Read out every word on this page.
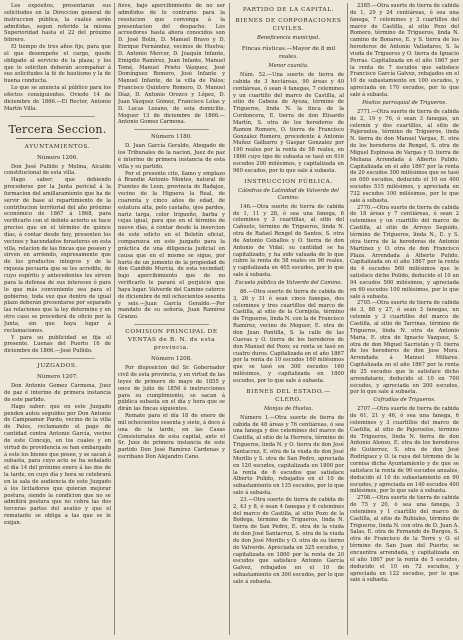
Los expósitos, presentarán sus solicitudes en la Direccion general de instruccion pública, la cuales serán admitidas, segun referido la misma Superioridad hasta el 22 del próximo febrero.

El tiempo de tres años fijo, para que el que desempeñe el cargo, quede obligado al servicio de la plaza; y los que lo soliciten deberán acompañar á sus solicitudes la fé de bautismo y la de buena conducta.

Lo que se anuncia al público para los efectos consiguientes. Oviedo 14 de diciembre de 1866.—El Rector, Antonio Martín Villa.

Tercera Seccion.
AYUNTAMIENTOS.
Número 1206.

Don José Pullido y Molina, Alcalde constitucional de esta villa.

Hago saber: que debiendo procederse por la Junta pericial á la formacion del amillaramiento que ha de servir de base al repartimiento de la contribucion territorial del año próximo económico de 1867 á 1868, para verificarlo con el debido acierto se hace preciso que en el término de quince días, á contar desde hoy, presenten los vecinos y hacendados forasteros en esta villa, relacion de las fincas que poseen y sirven en arriendo, expresamente que de los productos integros y de la riqueza pecuaria que se les acredite, de cuyo espíritu y antecedentes les sirven para la defensa de sus intereses ó para lo que más conveniente sea para el gobierno, toda vez que dentro de igual plazo deberán presentarse por separado las relaciones que la ley determine y en otro caso se procederá de oficio por la Junta, sin que haya lugar á reclamaciones.

Y para su publicidad se fija el presente. Luenas del Puerto 16 de diciembre de 1866.—José Pullido.

JUZGADOS.
Número 1207.

Don Antonio Gomez Carmona, Juez de paz é interino de primera instancia de este partido.

Hago saber: que en este Juzgado penden autos seguidos por Don Antonio de Campoamor Pardo, vecino de la villa de Palos, reclamando el pago de cantidad contra Antonio García, vecino de este Concejo, en los cuales y en virtud de providencia se han embargado á este los bienes que posee, y se sacan á subasta, para cuyo acto se ha señalado el día 14 del próximo enero á las dos de la tarde, en cuyo día y hora se celebrará en la sala de audiencia de este Juzgado á los licitadores que quieran mejorar postura, siendo la condicion que no se admitirá postura que no cubra las dos terceras partes del avalúo y que el rematante se obliga a las que se le exijan.

fieve, bajo apercibimiento de no ser admitidos de lo contrario para la resolucion que convenga á la presentacion del despacho. Los acreedores hasta ahora conocidos son D. José Bolín, D. Manuel Bravo y D. Enrique Fernández, vecinos de Huelva; D. Antonio Mercer, D. Joaquín Infante, Emigdio Ramírez, Juan Infante, Manuel Tomé, Manuel Prieto Vázquez, José Domínguez Romero, José Infante y Manuel Infante, de la villa de Palos; Francisco Quintero Romero, D. Manuel Díaz, D. Antonio Orozco y López, D. Juan Vázquez Gómez, Francisco Lolas y D. Lucas Lozano, de esta domicilio. Moguer 13 de diciembre de 1866.—Antonio Gomez Carmona.

Número 1180.

D. Juan García Geraldo, Abogado de los Tribunales de la nacion, Juez de paz é interino de primera instancia de esta villa y su partido.

Por el presente cito, llamo y emplazo á Brandie Antonio Montes, natural de Fuentes de Leon, provincia de Badajoz, vecino de la Higuera la Real, de cuarenta y cinco años de edad, de estatura alta, pelo castaño, ojos pardos, nariz larga, color trigueño, barba y cejas igual, para que en el término de nueve días, á contar desde la insercion de este edicto en el Boletín oficial, comparezca en este juzgado para la práctica de una diligencia judicial en causa que en el mismo se sigue, por hurto de un jumento de la propiedad de don Candido Murcia, de esta vecindad; bajo apercibimiento que de no verificarlo le parará el perjuicio que haya lugar. Valverde del Camino catorce de diciembre de mil ochocientos sesenta y seis.—Juan García Geraldo.—Por mandato de su señoría, Juan Ramírez Granzo.

COMISION PRINCIPAL DE VENTAS de B. N. de esta provincia.
Número 1208.

Por disposicion del Sr. Gobernador civil de esta provincia, y en virtud de las leyes de primero de mayo de 1855 y once de julio de 1856 é instrucciones para su cumplimiento, se sacan á pública subasta en el día y hora que se dirán las fincas siguientes.

Remate para el día 18 de enero de mil ochocientos sesenta y siete, á doce á una de la tarde, en las Casas Consistoriales de esta capital, ante el Sr. Juez de primera instancia de este partido Don José Ramírez Cardenas y escribano Don Alejandro Cano.

PARTIDO DE LA CAPITAL.
BIENES DE CORPORACIONES CIVILES.
Beneficencia municipal.
Fincas rústicas.—Mayor de 8 mil reales.
Menor cuantía.

Núm. 52.—Una suerte de tierra de cabida de 3 hectáreas, 90 áreas y 40 centiáreas, ó sean 4 fanegas, 7 celemines y un cuartillo del marco de Castilla, al sitio de Cabeza de Ayoza, término de Trigueros, linda N. la finca de la Cordoncera, E. tierra de don Elisardo Martín, S. otra de los herederos de Ramon Romero, O. tierra de Francisco Gonzalez Romero, procedente á Antonio Muñoz Galbarro y Gaspar Gonzalez por 190 reales por la renta de 58 reales, en 1866 cuyo tipo de subasta se tasó en 616 escudos 200 milésimos, y capitalizada en 960 escudos, por lo que sale á subasta.

INSTRUCCION PÚBLICA.
Cátedras de Latinidad de Valverde del Camino.

146.—Otra suerte de tierra de cabida de 1, 11 y 28, ó sea una fanega, 6 celemines y 3 cuartillas, al sitio del Cañuelo, término de Trigueros, linda N. otra de Rafael Rengel de Santos, S. otra de Antonio Ceballos y O. tierra de don Antonio de Vidal; su cantidad se ha capitalizado, y ha sido valuada de lo que cubre la renta de 58 reales en 96 reales, y capitalizada en 405 escudos, por lo que sale á subasta.

Escuela pública de Valverde del Camino.

86.—Otra suerte de tierra de cabida de 3, 26 y 31 ó sean cinco fanegas, dos celemines y tres cuartillos del marco de Castilla, al sitio de la Cornijola, término de Trigueros, linda N. con la de Francisco Ramírez, vecino de Moguer, E. otra de don Juan Pantilla, S. la calle de las Cuevas y O. tierra de los herederos de don Manuel del Pozo; su renta se tasó en cuatro duros. Capitalizada en el año 1867 por la renta de 10 escudos 160 milésimos que se tasó en 300 escudos 160 milésimos, y capitalizada en 1800 escudos, por lo que sale á subasta.

BIENES DEL ESTADO.—CLERO.
Monjas de Huelva.

Número 1.—Otra suerte de tierra de cabida de 48 áreas y 76 centiáreas, ó sea una fanega y dos celemines del marco de Castilla, al sitio de la Herrera, término de Trigueros, linda N. y O. tierra de don José Santacruz, E. otra de la viuda de don José Morillo y S. otra de San Pedro, apreciada en 120 escudos, capitalizada en 1800 por la renta de 6 escudos que satisface Alberto Pulido, rebajados en el 10 de subastamiento en 135 escudos, por lo que sale á subasta.

23.—Otra suerte de tierra de cabida de 2, 43 y 8, ó sean 4 fanegas y 6 celemines del marco de Castilla, al sitio Pozo de la Bodega, término de Trigueros, linda N. tierra de San Pedro, E. otra de la viuda de don José Santacruz, S. otra de la viuda de don José Morillo y O. otra de su tierno de Valverde. Apreciada en 325 escudos, y capitalizada en 1800 por la renta de 20 escudos que satisface Antonio García Galvez, rebajados en el 10 de subastamiento en 300 escudos, por lo que sale á subasta.

2385.—Otra suerte de tierra de cabida de 1, 29 y 24 centiáreas, ó sea una fanega, 7 celemines y 3 cuartillos del marco de Castilla, al sitio Pozo del Romero, término de Trigueros, linda N. camino de Bonares, E. y S. tierra de los herederos de Antonio Valladares, S. la viuda de Trigueros y O. tierra de Ignacio Porras. Capitalizada en el año 1867 por la renta de 7 escudos que satisface Francisco García Galvez, rebajados en el 10 de subastamiento en 100 escudos, y apreciada en 170 escudos, por lo que sale á subasta.

Pósitos parroquial de Trigueros.

2771.—Otra suerte de tierra de cabida de 2, 19 y 76, ó sean 3 fanegas, un celemín y dos cuartillos, al sitio de Pajeruelos, término de Trigueros, linda N. tierra de don Manuel Vargas, E. otra de los herederos de Rengel, S. otra de Miguel Espinosa de Vargas y O. tierra de Meliana Arrendada á Alberto Pulido. Capitalizada en el año 1867 por la renta de 20 escudos 300 milésimos que se tasó en 600 escudos, deducido el 10 en 400 escudos 515 milésimos, y apreciada en 732 escudos 100 milésimos, por lo que sale á subasta.

2770.—Otra suerte de tierra de cabida de 18 áreas y 7 centiáreas, ó sean 2 celemines y un cuartillo del marco de Castilla, al sitio de Arroyo Seguido, término de Trigueros, linda N., E. y S. otra tierra de la herederas de Antonio Martínez y O. otra de don Francisco Plaza. Arrendada á Alberto Pulido. Capitalizada en el año 1867 por la renta de 4 escudos 560 milésimos que le satisface dicho Pulido, deducido el 10 en 94 escudos 500 milésimos, y apreciada en 60 escudos 100 milésimos, por lo que sale á subasta.

2705.—Otra suerte de tierra de cabida de 3, 88 y 27, ó sean 3 fanegas, un celemín y 3 cuartillos del marco de Castilla, al sitio de Tarrinas, término de Trigueros, linda N. otra de Antonio Maria, E. otra de Ignacio Vazquez, S. otra de don Miguel Sacristán y O. tierra de los herederos de don Jose Mora. Arrendada á Manuel Millares. Capitalizada en el año 1867 por la renta de 25 escudos que le satisface dicho arrendatario, deducido el 10 en 700 escudos, y apreciada en 200 escudos, por lo que sale á subasta.

Cofradías de Trigueros.

2707.—Otra suerte de tierra de cabida de 61, 21 y 46, ó sea una fanega, 6 celemines y 3 cuartillos del marco de Castilla, al sitio de Pajeruelos, término de Trigueros, linda N. tierra de don Antonio Alonso, E. otra de los herederos de Gutierrez, S. otra de don José Rodríguez y O. la raya del término de la cornisa dicha Ayuntamiento y de que se satisface la renta de 90 escudos anuales, deducido el 10 de subastamiento en 90 escudos, y apreciada en 140 escudos 400 milésimos, por lo que sale á subasta.

2708.—Otra suerte de tierra de cabida de 75 y 20, ó sea una fanega, 3 celemines y 1 cuartillo del marco de Castilla, al sitio de Rubiales, término de Trigueros, linda N. con otra de D. Juan A. Salas, E. otra de Fernando de Burgos, S. otra de Francisco de la Torre y O. el término de San Juan del Puerto; se encuentra arrendada, y capitalizada en el año 1867 por la renta de 5 escudos, deducido el 10 en 72 escudos, y apreciada en 122 escudos, por lo que sale á subasta.
